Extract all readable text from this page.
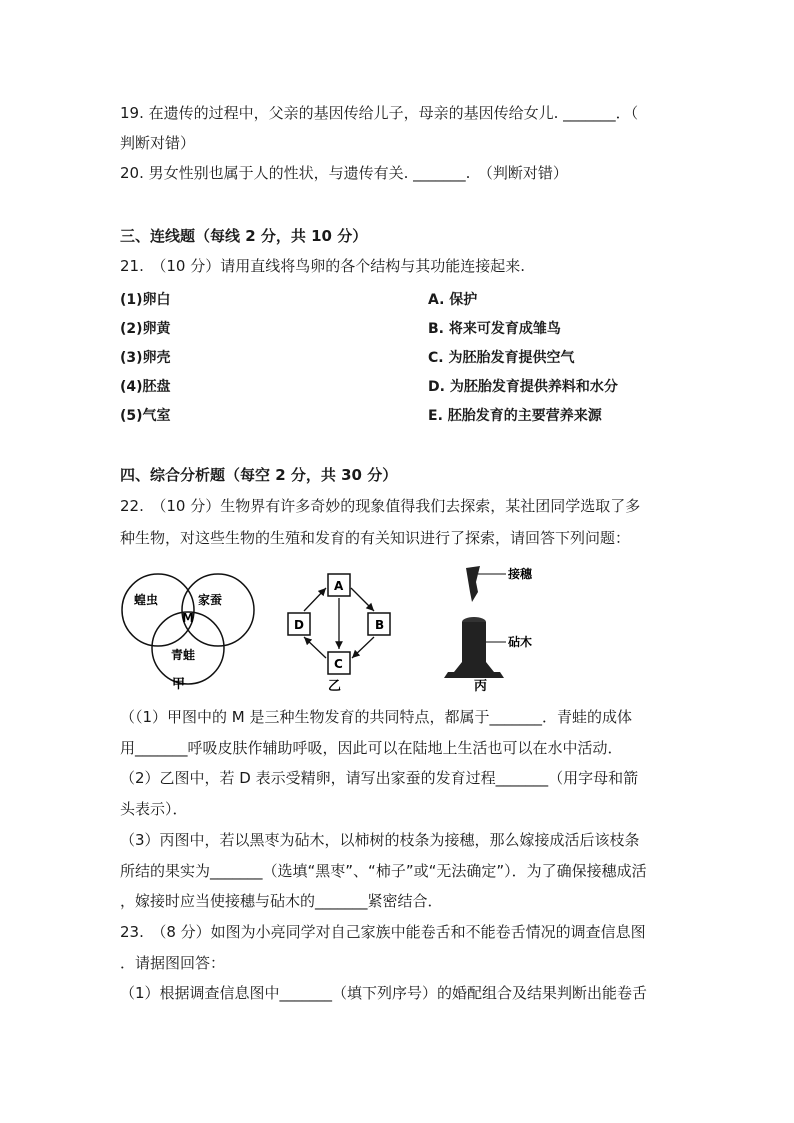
19. 在遗传的过程中，父亲的基因传给儿子，母亲的基因传给女儿. _______．（
判断对错）
20. 男女性别也属于人的性状，与遗传有关. _______.　（判断对错）
三、连线题（每线 2 分，共 10 分）
21.　（10 分）请用直线将鸟卵的各个结构与其功能连接起来.
(1)卵白
(2)卵黄
(3)卵壳
(4)胚盘
(5)气室
A. 保护
B. 将来可发育成雏鸟
C. 为胚胎发育提供空气
D. 为胚胎发育提供养料和水分
E. 胚胎发育的主要营养来源
四、综合分析题（每空 2 分，共 30 分）
22.　（10 分）生物界有许多奇妙的现象值得我们去探索，某社团同学选取了多
种生物，对这些生物的生殖和发育的有关知识进行了探索，请回答下列问题：
蝗虫	家蚕
M
青蛙
甲
A
B
C
D
乙
接穗
砧木
丙
（（1）甲图中的 M 是三种生物发育的共同特点，都属于_______．青蛙的成体
用_______呼吸皮肤作辅助呼吸，因此可以在陆地上生活也可以在水中活动．
（2）乙图中，若 D 表示受精卵，请写出家蚕的发育过程_______（用字母和箭
头表示）．
（3）丙图中，若以黑枣为砧木，以柿树的枝条为接穗，那么嫁接成活后该枝条
所结的果实为_______（选填“黑枣”、“柿子”或“无法确定”）．为了确保接穗成活
，嫁接时应当使接穗与砧木的_______紧密结合．
23.　（8 分）如图为小亮同学对自己家族中能卷舌和不能卷舌情况的调查信息图
．请据图回答：
（1）根据调查信息图中_______（填下列序号）的婚配组合及结果判断出能卷舌
